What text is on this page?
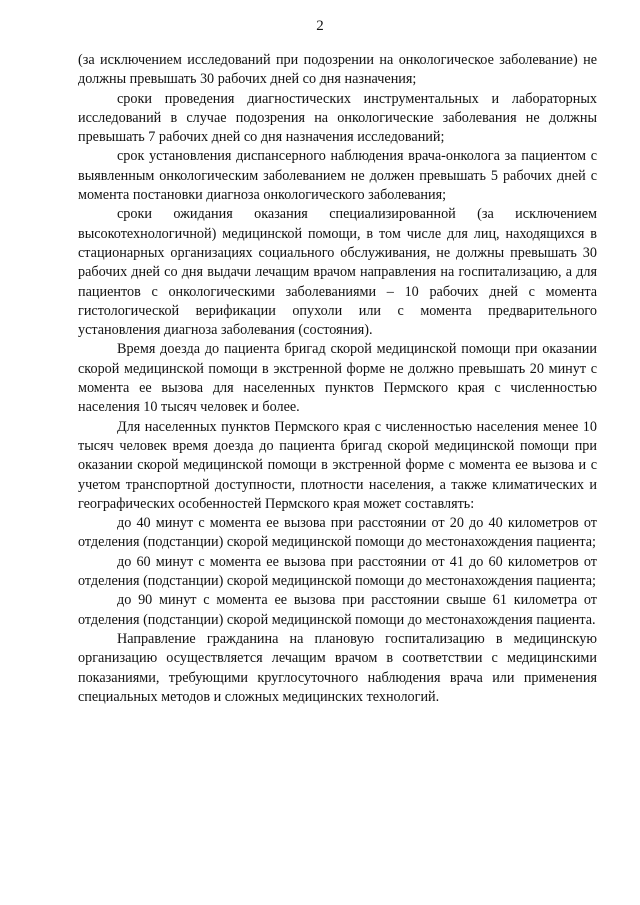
2

(за исключением исследований при подозрении на онкологическое заболевание) не должны превышать 30 рабочих дней со дня назначения;

сроки проведения диагностических инструментальных и лабораторных исследований в случае подозрения на онкологические заболевания не должны превышать 7 рабочих дней со дня назначения исследований;

срок установления диспансерного наблюдения врача-онколога за пациентом с выявленным онкологическим заболеванием не должен превышать 5 рабочих дней с момента постановки диагноза онкологического заболевания;

сроки ожидания оказания специализированной (за исключением высокотехнологичной) медицинской помощи, в том числе для лиц, находящихся в стационарных организациях социального обслуживания, не должны превышать 30 рабочих дней со дня выдачи лечащим врачом направления на госпитализацию, а для пациентов с онкологическими заболеваниями – 10 рабочих дней с момента гистологической верификации опухоли или с момента предварительного установления диагноза заболевания (состояния).

Время доезда до пациента бригад скорой медицинской помощи при оказании скорой медицинской помощи в экстренной форме не должно превышать 20 минут с момента ее вызова для населенных пунктов Пермского края с численностью населения 10 тысяч человек и более.

Для населенных пунктов Пермского края с численностью населения менее 10 тысяч человек время доезда до пациента бригад скорой медицинской помощи при оказании скорой медицинской помощи в экстренной форме с момента ее вызова и с учетом транспортной доступности, плотности населения, а также климатических и географических особенностей Пермского края может составлять:

до 40 минут с момента ее вызова при расстоянии от 20 до 40 километров от отделения (подстанции) скорой медицинской помощи до местонахождения пациента;

до 60 минут с момента ее вызова при расстоянии от 41 до 60 километров от отделения (подстанции) скорой медицинской помощи до местонахождения пациента;

до 90 минут с момента ее вызова при расстоянии свыше 61 километра от отделения (подстанции) скорой медицинской помощи до местонахождения пациента.

Направление гражданина на плановую госпитализацию в медицинскую организацию осуществляется лечащим врачом в соответствии с медицинскими показаниями, требующими круглосуточного наблюдения врача или применения специальных методов и сложных медицинских технологий.
